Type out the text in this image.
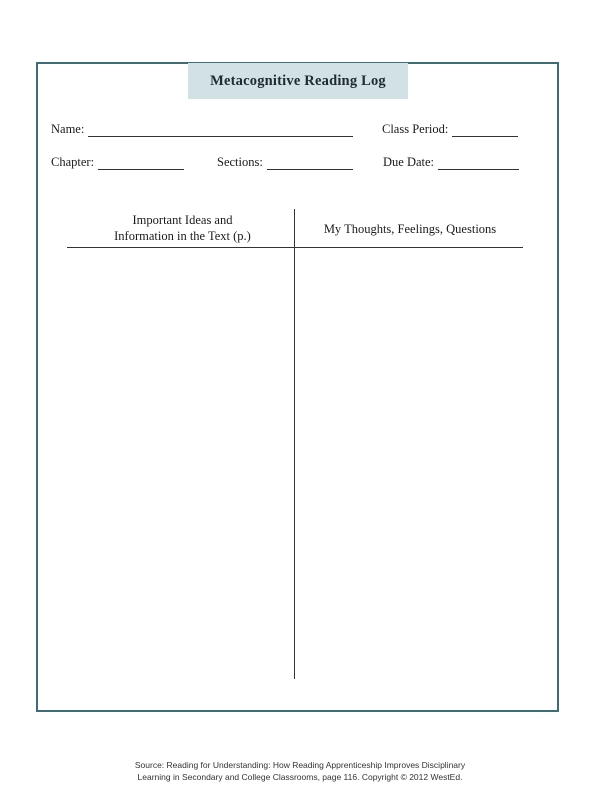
Metacognitive Reading Log
Name:	Class Period:
Chapter:	Sections:	Due Date:
Important Ideas and
Information in the Text (p.)	My Thoughts, Feelings, Questions
Source: Reading for Understanding: How Reading Apprenticeship Improves Disciplinary
Learning in Secondary and College Classrooms, page 116. Copyright © 2012 WestEd.
